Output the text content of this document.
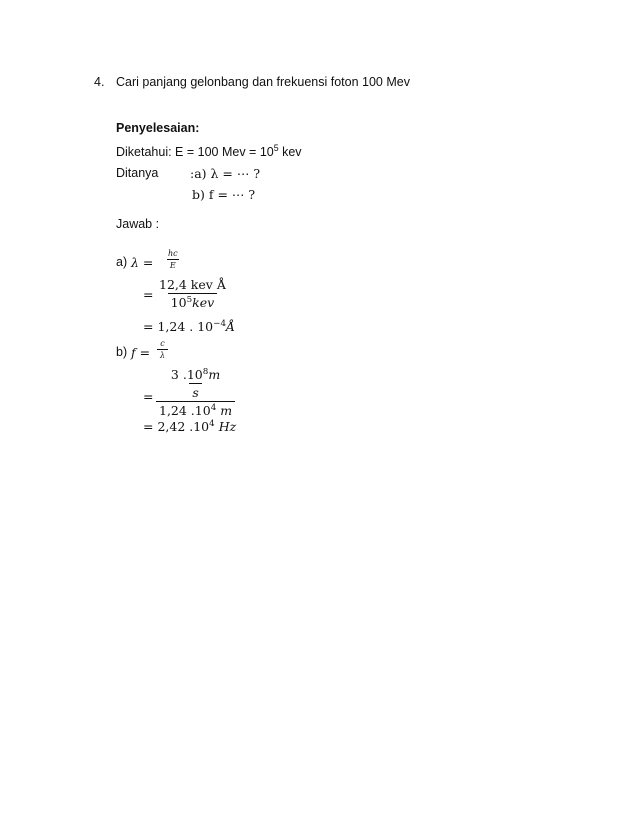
4. Cari panjang gelonbang dan frekuensi foton 100 Mev
Penyelesaian:
Diketahui: E = 100 Mev = $10^5$ kev
Ditanya	:a) λ = ⋯ ?
b) f = ⋯ ?
Jawab :
a) $\lambda = \frac{hc}{E}$
= $\frac{\text{12,4 kev Å}}{10^5kev}$
= 1,24 . $10^{-4}Å$
b) $f = \frac{c}{\lambda}$
= $\frac{\frac{3 .10^8m}{s}}{1,24 .10^4 m}$
= 2,42 $.10^4$ Hz
